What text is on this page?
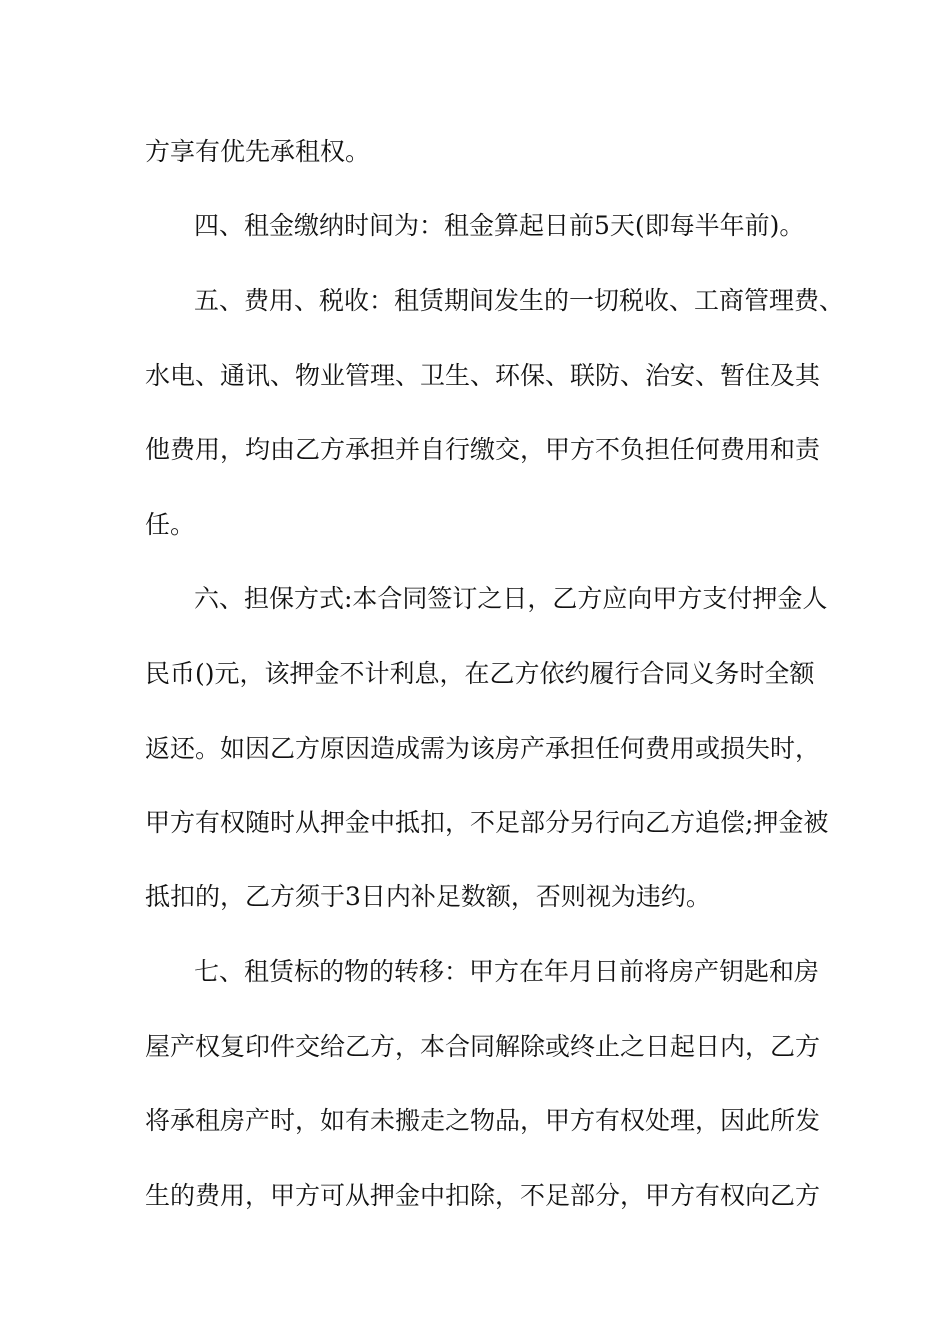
方享有优先承租权。
四、租金缴纳时间为：租金算起日前5天(即每半年前)。
五、费用、税收：租赁期间发生的一切税收、工商管理费、
水电、通讯、物业管理、卫生、环保、联防、治安、暂住及其
他费用，均由乙方承担并自行缴交，甲方不负担任何费用和责
任。
六、担保方式:本合同签订之日，乙方应向甲方支付押金人
民币()元，该押金不计利息，在乙方依约履行合同义务时全额
返还。如因乙方原因造成需为该房产承担任何费用或损失时，
甲方有权随时从押金中抵扣，不足部分另行向乙方追偿;押金被
抵扣的，乙方须于3日内补足数额，否则视为违约。
七、租赁标的物的转移：甲方在年月日前将房产钥匙和房
屋产权复印件交给乙方，本合同解除或终止之日起日内，乙方
将承租房产时，如有未搬走之物品，甲方有权处理，因此所发
生的费用，甲方可从押金中扣除，不足部分，甲方有权向乙方
